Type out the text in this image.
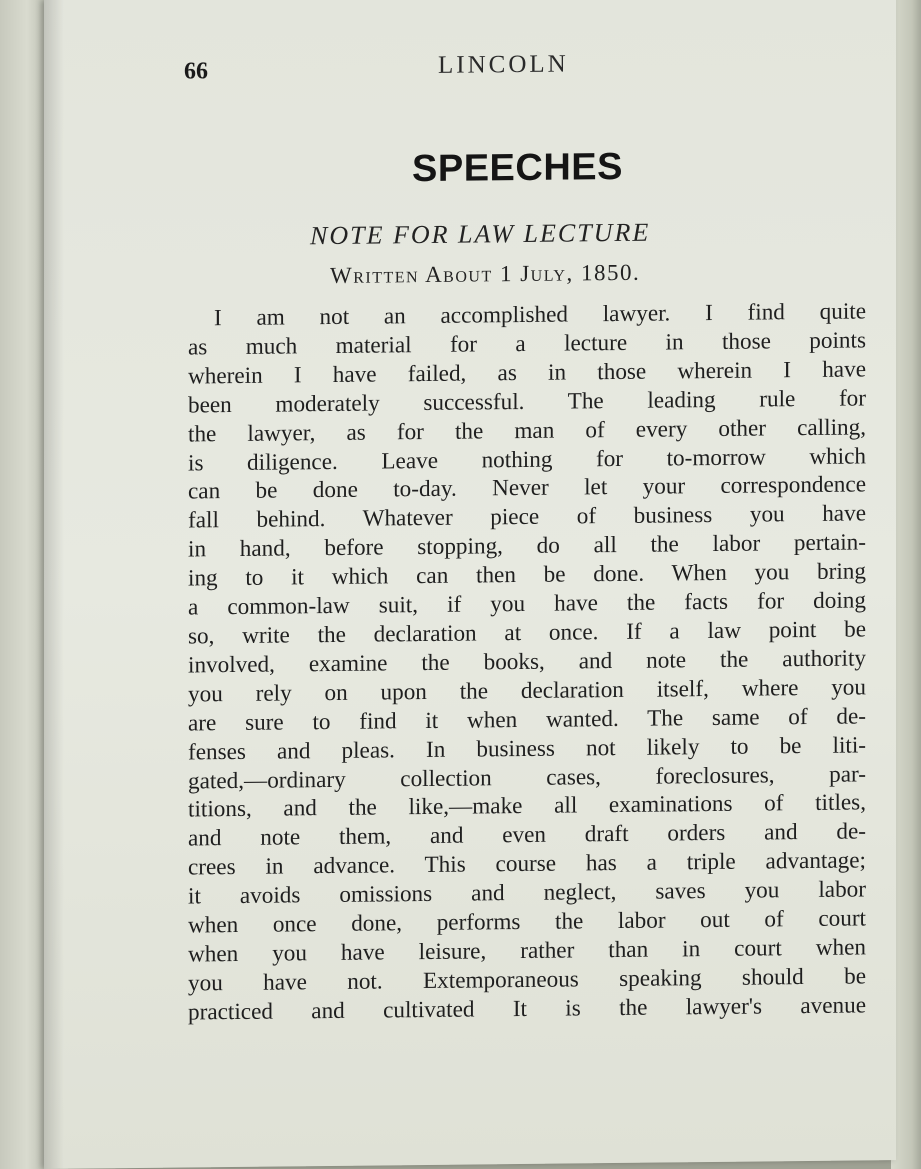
66	LINCOLN
SPEECHES
NOTE FOR LAW LECTURE
Written About 1 July, 1850.
I am not an accomplished lawyer. I find quite
as much material for a lecture in those points
wherein I have failed, as in those wherein I have
been moderately successful. The leading rule for
the lawyer, as for the man of every other calling,
is diligence. Leave nothing for to-morrow which
can be done to-day. Never let your correspondence
fall behind. Whatever piece of business you have
in hand, before stopping, do all the labor pertain-
ing to it which can then be done. When you bring
a common-law suit, if you have the facts for doing
so, write the declaration at once. If a law point be
involved, examine the books, and note the authority
you rely on upon the declaration itself, where you
are sure to find it when wanted. The same of de-
fenses and pleas. In business not likely to be liti-
gated,—ordinary collection cases, foreclosures, par-
titions, and the like,—make all examinations of titles,
and note them, and even draft orders and de-
crees in advance. This course has a triple advantage;
it avoids omissions and neglect, saves you labor
when once done, performs the labor out of court
when you have leisure, rather than in court when
you have not. Extemporaneous speaking should be
practiced and cultivated It is the lawyer's avenue
